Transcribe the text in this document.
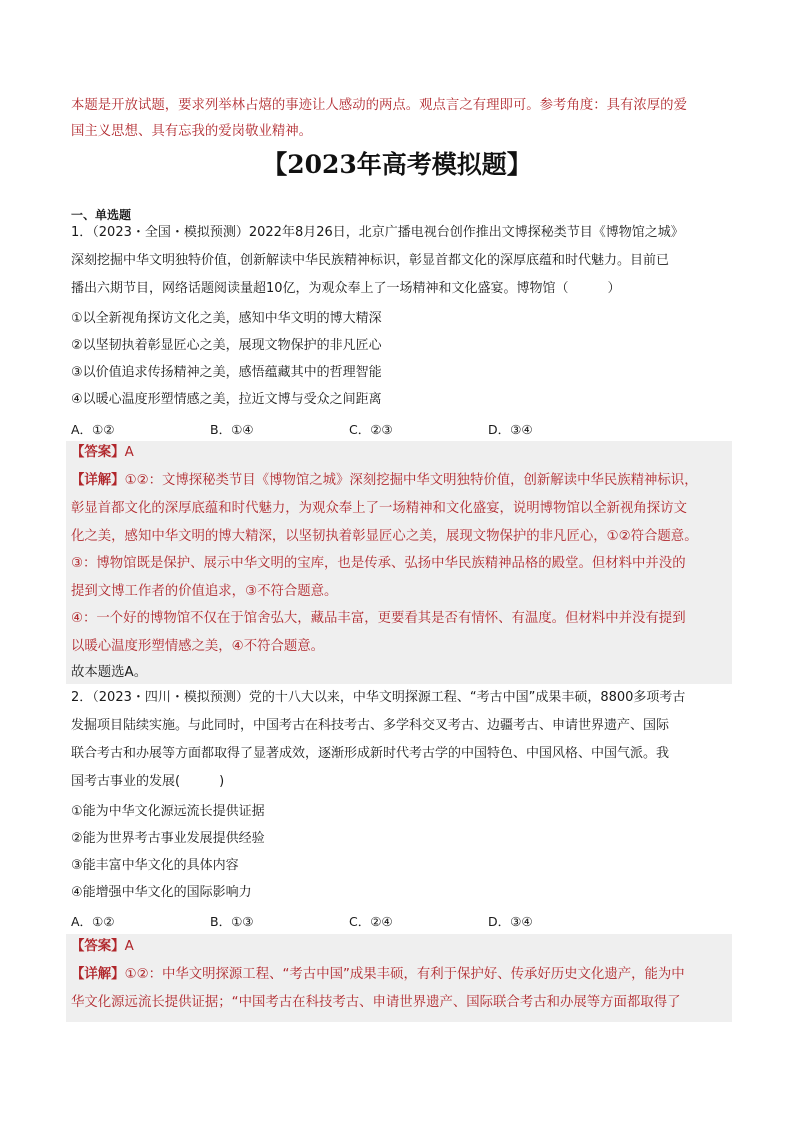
本题是开放试题，要求列举林占熺的事迹让人感动的两点。观点言之有理即可。参考角度：具有浓厚的爱
国主义思想、具有忘我的爱岗敬业精神。
【2023年高考模拟题】
一、单选题
1．（2023・全国・模拟预测）2022年8月26日，北京广播电视台创作推出文博探秘类节目《博物馆之城》
深刻挖掘中华文明独特价值，创新解读中华民族精神标识，彰显首都文化的深厚底蕴和时代魅力。目前已
播出六期节目，网络话题阅读量超10亿，为观众奉上了一场精神和文化盛宴。博物馆（　　　）
①以全新视角探访文化之美，感知中华文明的博大精深
②以坚韧执着彰显匠心之美，展现文物保护的非凡匠心
③以价值追求传扬精神之美，感悟蕴藏其中的哲理智能
④以暖心温度形塑情感之美，拉近文博与受众之间距离
A．①②	B．①④	C．②③	D．③④
【答案】A
【详解】①②：文博探秘类节目《博物馆之城》深刻挖掘中华文明独特价值，创新解读中华民族精神标识，
彰显首都文化的深厚底蕴和时代魅力，为观众奉上了一场精神和文化盛宴，说明博物馆以全新视角探访文
化之美，感知中华文明的博大精深，以坚韧执着彰显匠心之美，展现文物保护的非凡匠心，①②符合题意。
③：博物馆既是保护、展示中华文明的宝库，也是传承、弘扬中华民族精神品格的殿堂。但材料中并没的
提到文博工作者的价值追求，③不符合题意。
④：一个好的博物馆不仅在于馆舍弘大，藏品丰富，更要看其是否有情怀、有温度。但材料中并没有提到
以暖心温度形塑情感之美，④不符合题意。
故本题选A。
2．（2023・四川・模拟预测）党的十八大以来，中华文明探源工程、“考古中国”成果丰硕，8800多项考古
发掘项目陆续实施。与此同时，中国考古在科技考古、多学科交叉考古、边疆考古、申请世界遗产、国际
联合考古和办展等方面都取得了显著成效，逐渐形成新时代考古学的中国特色、中国风格、中国气派。我
国考古事业的发展(　　　)
①能为中华文化源远流长提供证据
②能为世界考古事业发展提供经验
③能丰富中华文化的具体内容
④能增强中华文化的国际影响力
A．①②	B．①③	C．②④	D．③④
【答案】A
【详解】①②：中华文明探源工程、“考古中国”成果丰硕，有利于保护好、传承好历史文化遗产，能为中
华文化源远流长提供证据；“中国考古在科技考古、申请世界遗产、国际联合考古和办展等方面都取得了
